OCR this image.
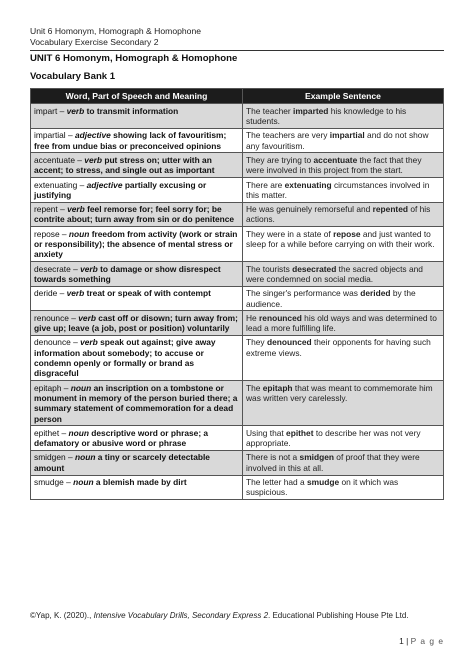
Unit 6 Homonym, Homograph & Homophone
Vocabulary Exercise Secondary 2
UNIT 6 Homonym, Homograph & Homophone
Vocabulary Bank 1
Word, Part of Speech and Meaning	Example Sentence
impart – verb to transmit information	The teacher imparted his knowledge to his students.
impartial – adjective showing lack of favouritism; free from undue bias or preconceived opinions	The teachers are very impartial and do not show any favouritism.
accentuate – verb put stress on; utter with an accent; to stress, and single out as important	They are trying to accentuate the fact that they were involved in this project from the start.
extenuating – adjective partially excusing or justifying	There are extenuating circumstances involved in this matter.
repent – verb feel remorse for; feel sorry for; be contrite about; turn away from sin or do penitence	He was genuinely remorseful and repented of his actions.
repose – noun freedom from activity (work or strain or responsibility); the absence of mental stress or anxiety	They were in a state of repose and just wanted to sleep for a while before carrying on with their work.
desecrate – verb to damage or show disrespect towards something	The tourists desecrated the sacred objects and were condemned on social media.
deride – verb treat or speak of with contempt	The singer's performance was derided by the audience.
renounce – verb cast off or disown; turn away from; give up; leave (a job, post or position) voluntarily	He renounced his old ways and was determined to lead a more fulfilling life.
denounce – verb speak out against; give away information about somebody; to accuse or condemn openly or formally or brand as disgraceful	They denounced their opponents for having such extreme views.
epitaph – noun an inscription on a tombstone or monument in memory of the person buried there; a summary statement of commemoration for a dead person	The epitaph that was meant to commemorate him was written very carelessly.
epithet – noun descriptive word or phrase; a defamatory or abusive word or phrase	Using that epithet to describe her was not very appropriate.
smidgen – noun a tiny or scarcely detectable amount	There is not a smidgen of proof that they were involved in this at all.
smudge – noun a blemish made by dirt	The letter had a smudge on it which was suspicious.
©Yap, K. (2020)., Intensive Vocabulary Drills, Secondary Express 2. Educational Publishing House Pte Ltd.
1 | P a g e
